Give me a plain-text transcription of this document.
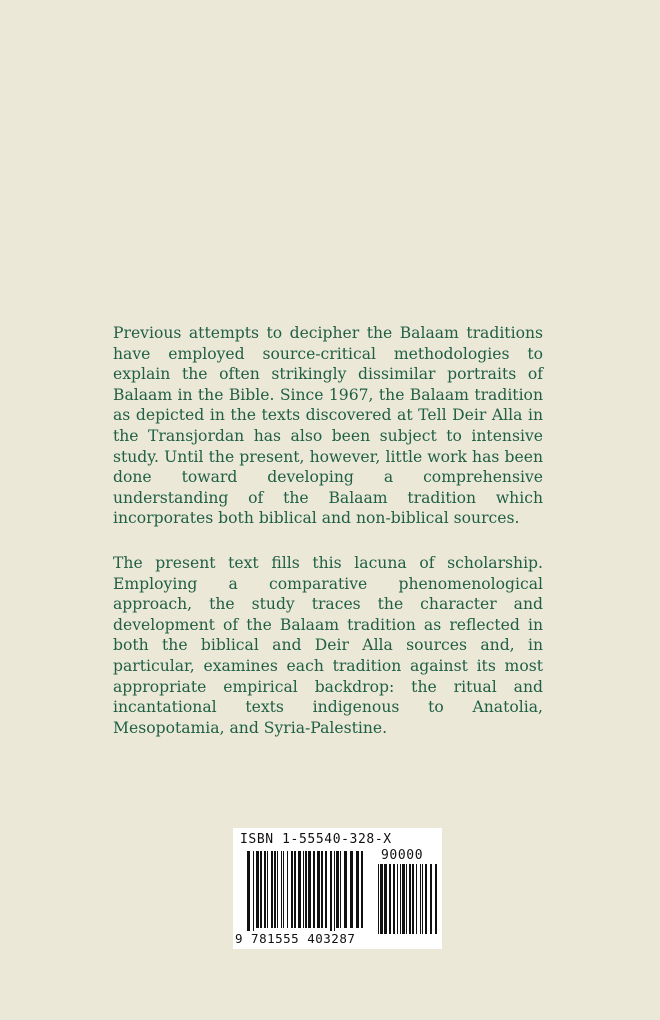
Previous attempts to decipher the Balaam traditions have employed source-critical methodologies to explain the often strikingly dissimilar portraits of Balaam in the Bible. Since 1967, the Balaam tradition as depicted in the texts discovered at Tell Deir Alla in the Transjordan has also been subject to intensive study. Until the present, however, little work has been done toward developing a comprehensive understanding of the Balaam tradition which incorporates both biblical and non-biblical sources.

The present text fills this lacuna of scholarship. Employing a comparative phenomenological approach, the study traces the character and development of the Balaam tradition as reflected in both the biblical and Deir Alla sources and, in particular, examines each tradition against its most appropriate empirical backdrop: the ritual and incantational texts indigenous to Anatolia, Mesopotamia, and Syria-Palestine.

ISBN 1-55540-328-X
90000
9 781555 403287
